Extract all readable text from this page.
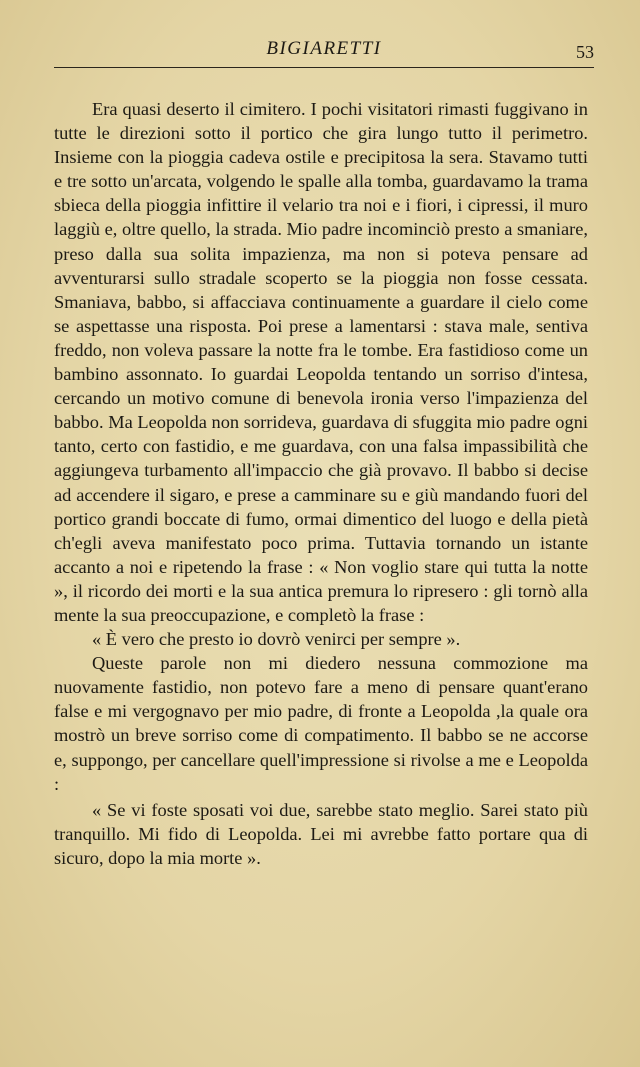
BIGIARETTI	53

Era quasi deserto il cimitero. I pochi visitatori rimasti fuggivano in tutte le direzioni sotto il portico che gira lungo tutto il perimetro. Insieme con la pioggia cadeva ostile e precipitosa la sera. Stavamo tutti e tre sotto un'arcata, volgendo le spalle alla tomba, guardavamo la trama sbieca della pioggia infittire il velario tra noi e i fiori, i cipressi, il muro laggiù e, oltre quello, la strada. Mio padre incominciò presto a smaniare, preso dalla sua solita impazienza, ma non si poteva pensare ad avventurarsi sullo stradale scoperto se la pioggia non fosse cessata. Smaniava, babbo, si affacciava continuamente a guardare il cielo come se aspettasse una risposta. Poi prese a lamentarsi : stava male, sentiva freddo, non voleva passare la notte fra le tombe. Era fastidioso come un bambino assonnato. Io guardai Leopolda tentando un sorriso d'intesa, cercando un motivo comune di benevola ironia verso l'impazienza del babbo. Ma Leopolda non sorrideva, guardava di sfuggita mio padre ogni tanto, certo con fastidio, e me guardava, con una falsa impassibilità che aggiungeva turbamento all'impaccio che già provavo. Il babbo si decise ad accendere il sigaro, e prese a camminare su e giù mandando fuori del portico grandi boccate di fumo, ormai dimentico del luogo e della pietà ch'egli aveva manifestato poco prima. Tuttavia tornando un istante accanto a noi e ripetendo la frase : « Non voglio stare qui tutta la notte », il ricordo dei morti e la sua antica premura lo ripresero : gli tornò alla mente la sua preoccupazione, e completò la frase :

« È vero che presto io dovrò venirci per sempre ».

Queste parole non mi diedero nessuna commozione ma nuovamente fastidio, non potevo fare a meno di pensare quant'erano false e mi vergognavo per mio padre, di fronte a Leopolda ,la quale ora mostrò un breve sorriso come di compatimento. Il babbo se ne accorse e, suppongo, per cancellare quell'impressione si rivolse a me e Leopolda :

« Se vi foste sposati voi due, sarebbe stato meglio. Sarei stato più tranquillo. Mi fido di Leopolda. Lei mi avrebbe fatto portare qua di sicuro, dopo la mia morte ».
